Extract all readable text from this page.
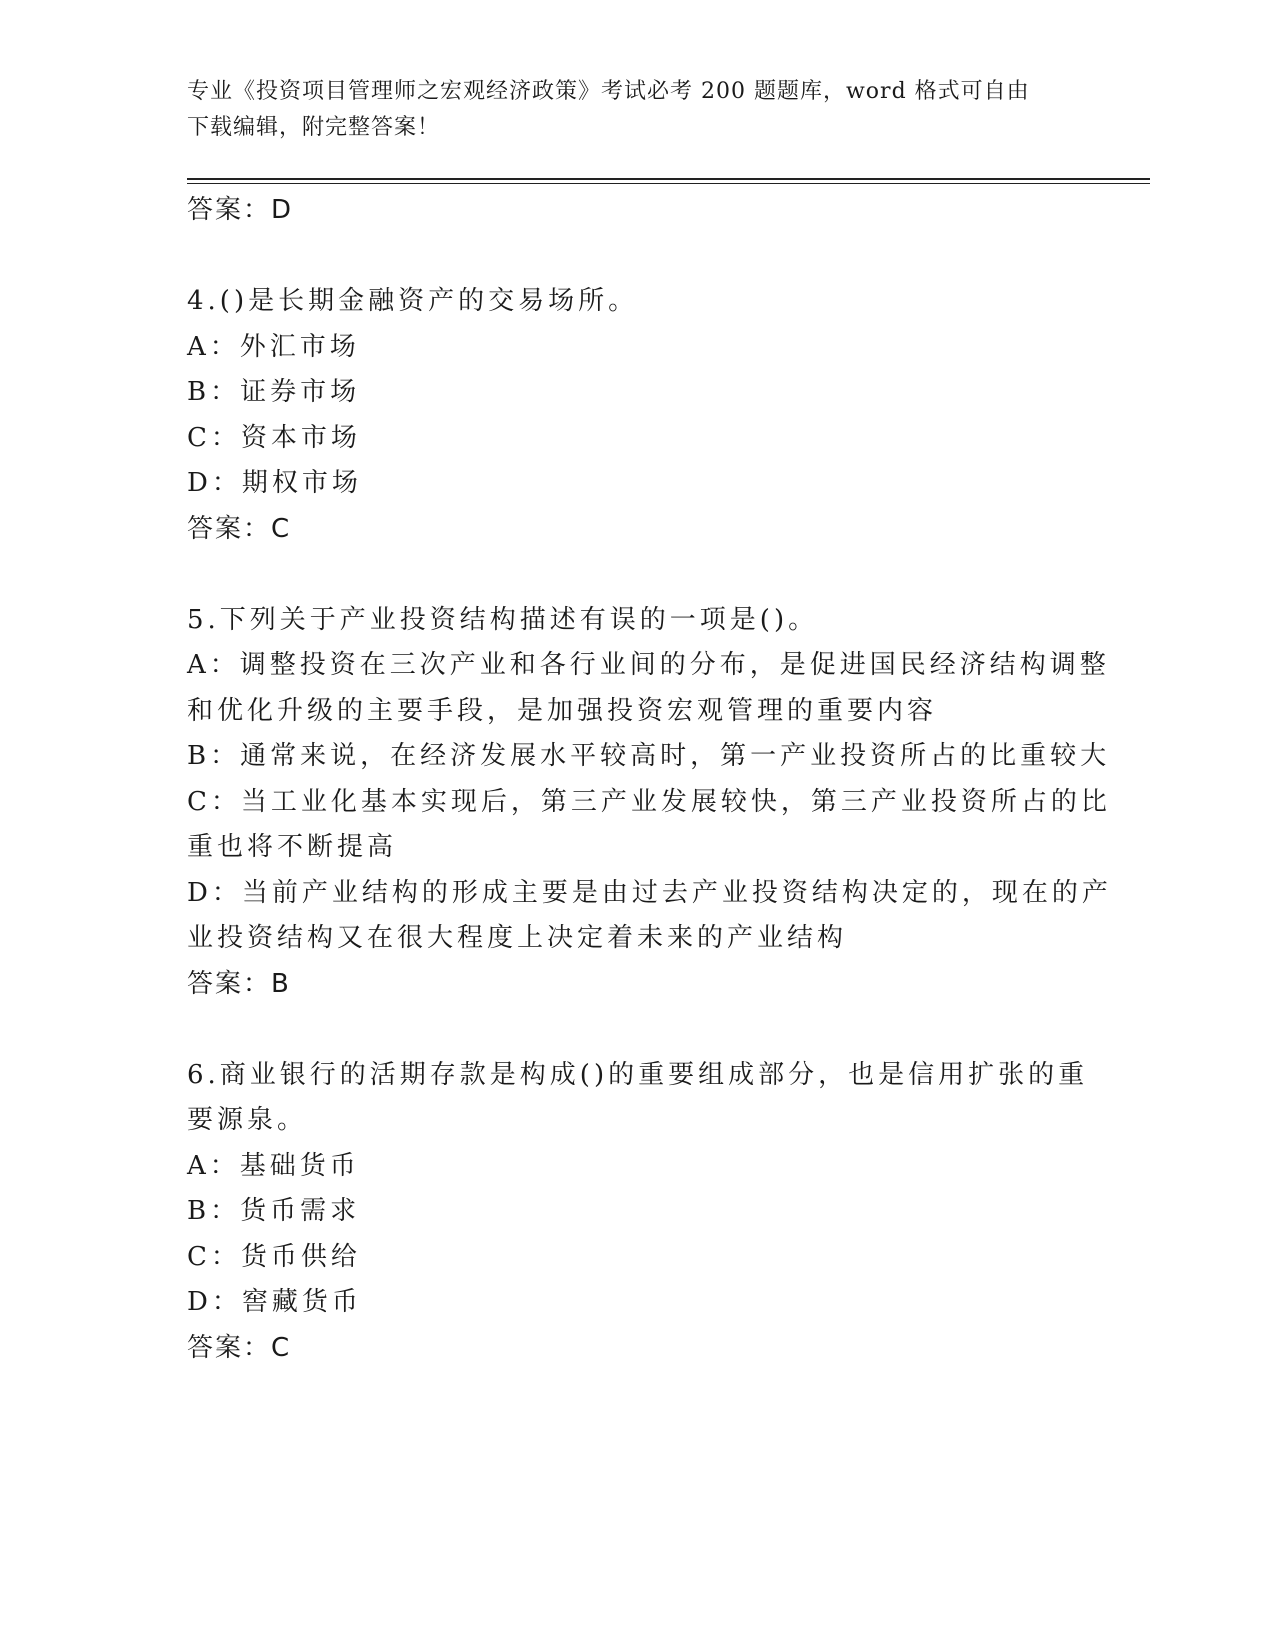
专业《投资项目管理师之宏观经济政策》考试必考 200 题题库，word 格式可自由
下载编辑，附完整答案！
答案：D
4.()是长期金融资产的交易场所。
A：外汇市场
B：证券市场
C：资本市场
D：期权市场
答案：C
5.下列关于产业投资结构描述有误的一项是()。
A：调整投资在三次产业和各行业间的分布，是促进国民经济结构调整
和优化升级的主要手段，是加强投资宏观管理的重要内容
B：通常来说，在经济发展水平较高时，第一产业投资所占的比重较大
C：当工业化基本实现后，第三产业发展较快，第三产业投资所占的比
重也将不断提高
D：当前产业结构的形成主要是由过去产业投资结构决定的，现在的产
业投资结构又在很大程度上决定着未来的产业结构
答案：B
6.商业银行的活期存款是构成()的重要组成部分，也是信用扩张的重
要源泉。
A：基础货币
B：货币需求
C：货币供给
D：窖藏货币
答案：C
